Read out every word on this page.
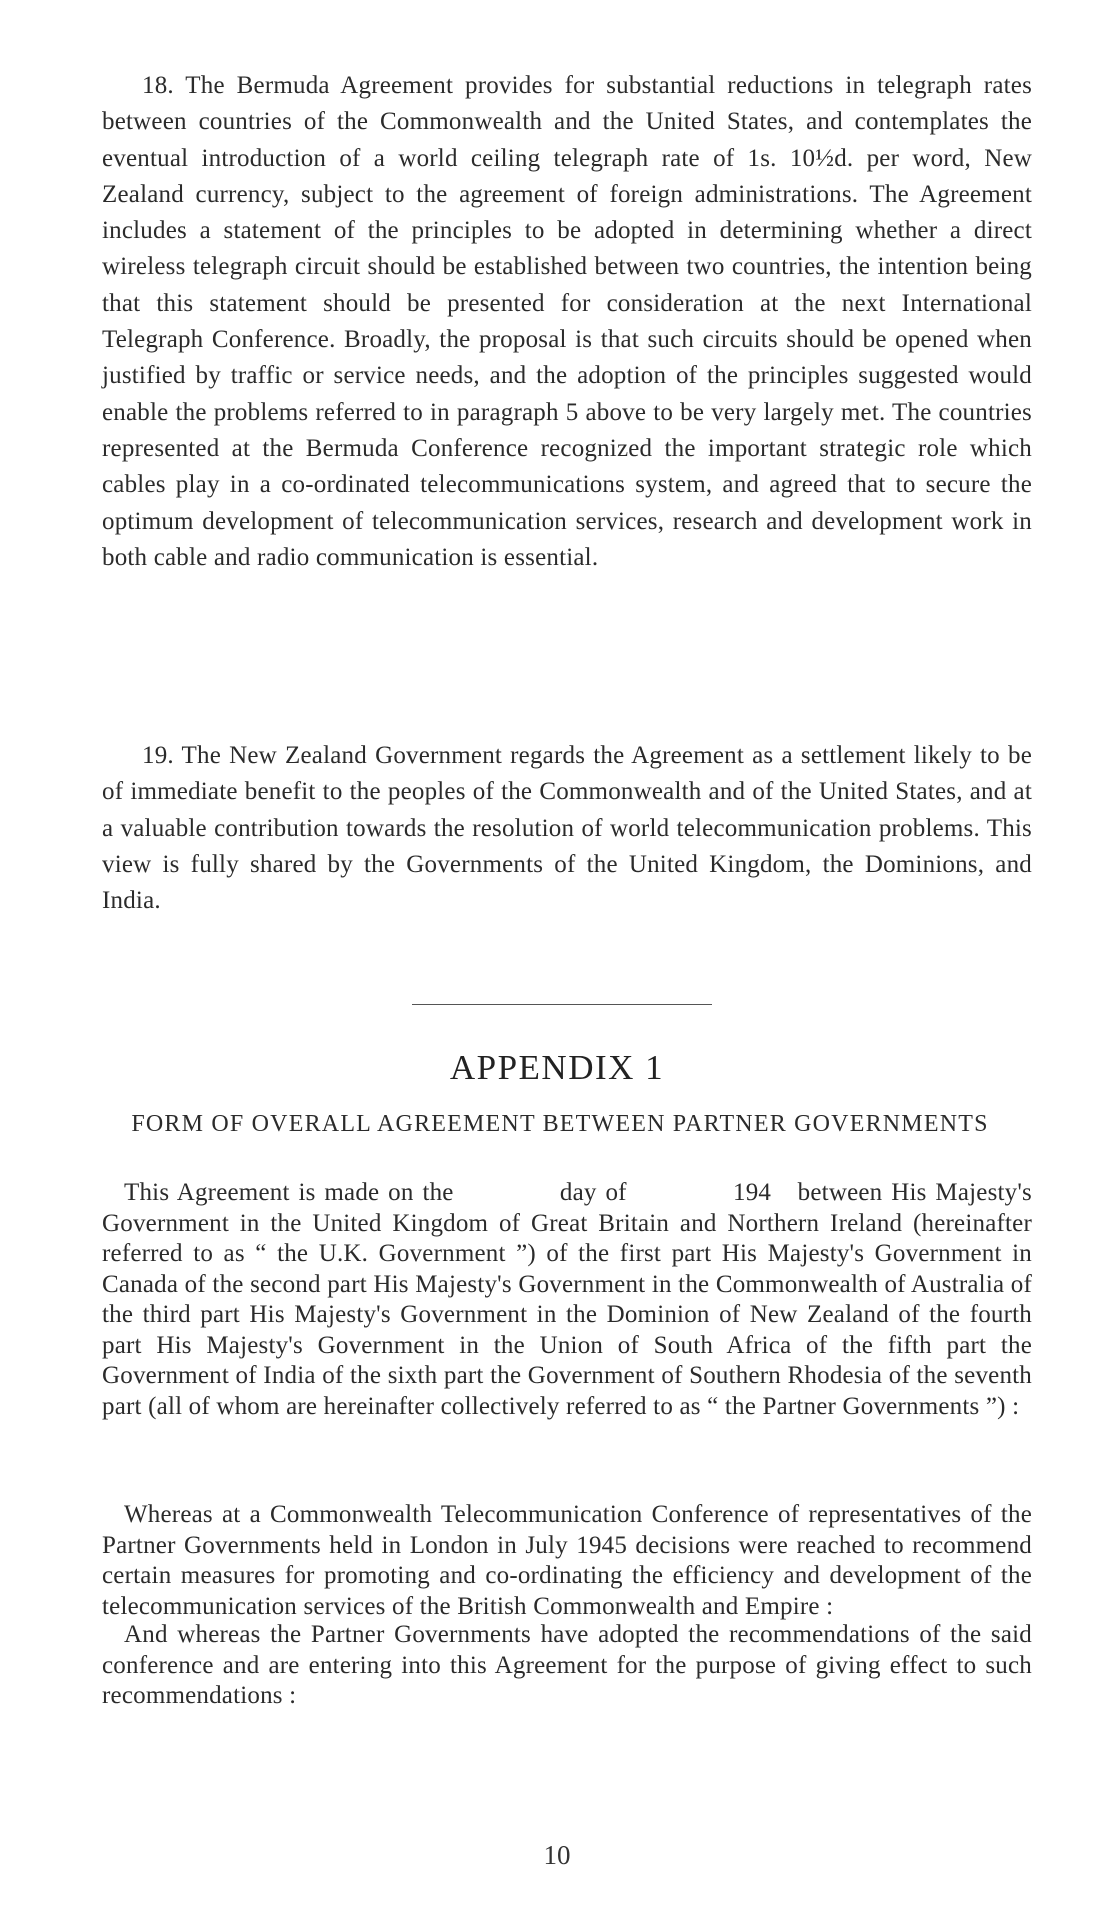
18. The Bermuda Agreement provides for substantial reductions in telegraph rates between countries of the Commonwealth and the United States, and contemplates the eventual introduction of a world ceiling telegraph rate of 1s. 10½d. per word, New Zealand currency, subject to the agreement of foreign administrations. The Agreement includes a statement of the principles to be adopted in determining whether a direct wireless telegraph circuit should be established between two countries, the intention being that this statement should be presented for consideration at the next International Telegraph Conference. Broadly, the proposal is that such circuits should be opened when justified by traffic or service needs, and the adoption of the principles suggested would enable the problems referred to in paragraph 5 above to be very largely met. The countries represented at the Bermuda Conference recognized the important strategic role which cables play in a co-ordinated telecommunications system, and agreed that to secure the optimum development of telecommunication services, research and development work in both cable and radio communication is essential.

19. The New Zealand Government regards the Agreement as a settlement likely to be of immediate benefit to the peoples of the Commonwealth and of the United States, and at a valuable contribution towards the resolution of world telecommunication problems. This view is fully shared by the Governments of the United Kingdom, the Dominions, and India.

APPENDIX 1
FORM OF OVERALL AGREEMENT BETWEEN PARTNER GOVERNMENTS

This Agreement is made on the            day of            194   between His Majesty's Government in the United Kingdom of Great Britain and Northern Ireland (hereinafter referred to as “ the U.K. Government ”) of the first part His Majesty's Government in Canada of the second part His Majesty's Government in the Commonwealth of Australia of the third part His Majesty's Government in the Dominion of New Zealand of the fourth part His Majesty's Government in the Union of South Africa of the fifth part the Government of India of the sixth part the Government of Southern Rhodesia of the seventh part (all of whom are hereinafter collectively referred to as “ the Partner Governments ”) :

Whereas at a Commonwealth Telecommunication Conference of representatives of the Partner Governments held in London in July 1945 decisions were reached to recommend certain measures for promoting and co-ordinating the efficiency and development of the telecommunication services of the British Commonwealth and Empire :

And whereas the Partner Governments have adopted the recommendations of the said conference and are entering into this Agreement for the purpose of giving effect to such recommendations :

10
